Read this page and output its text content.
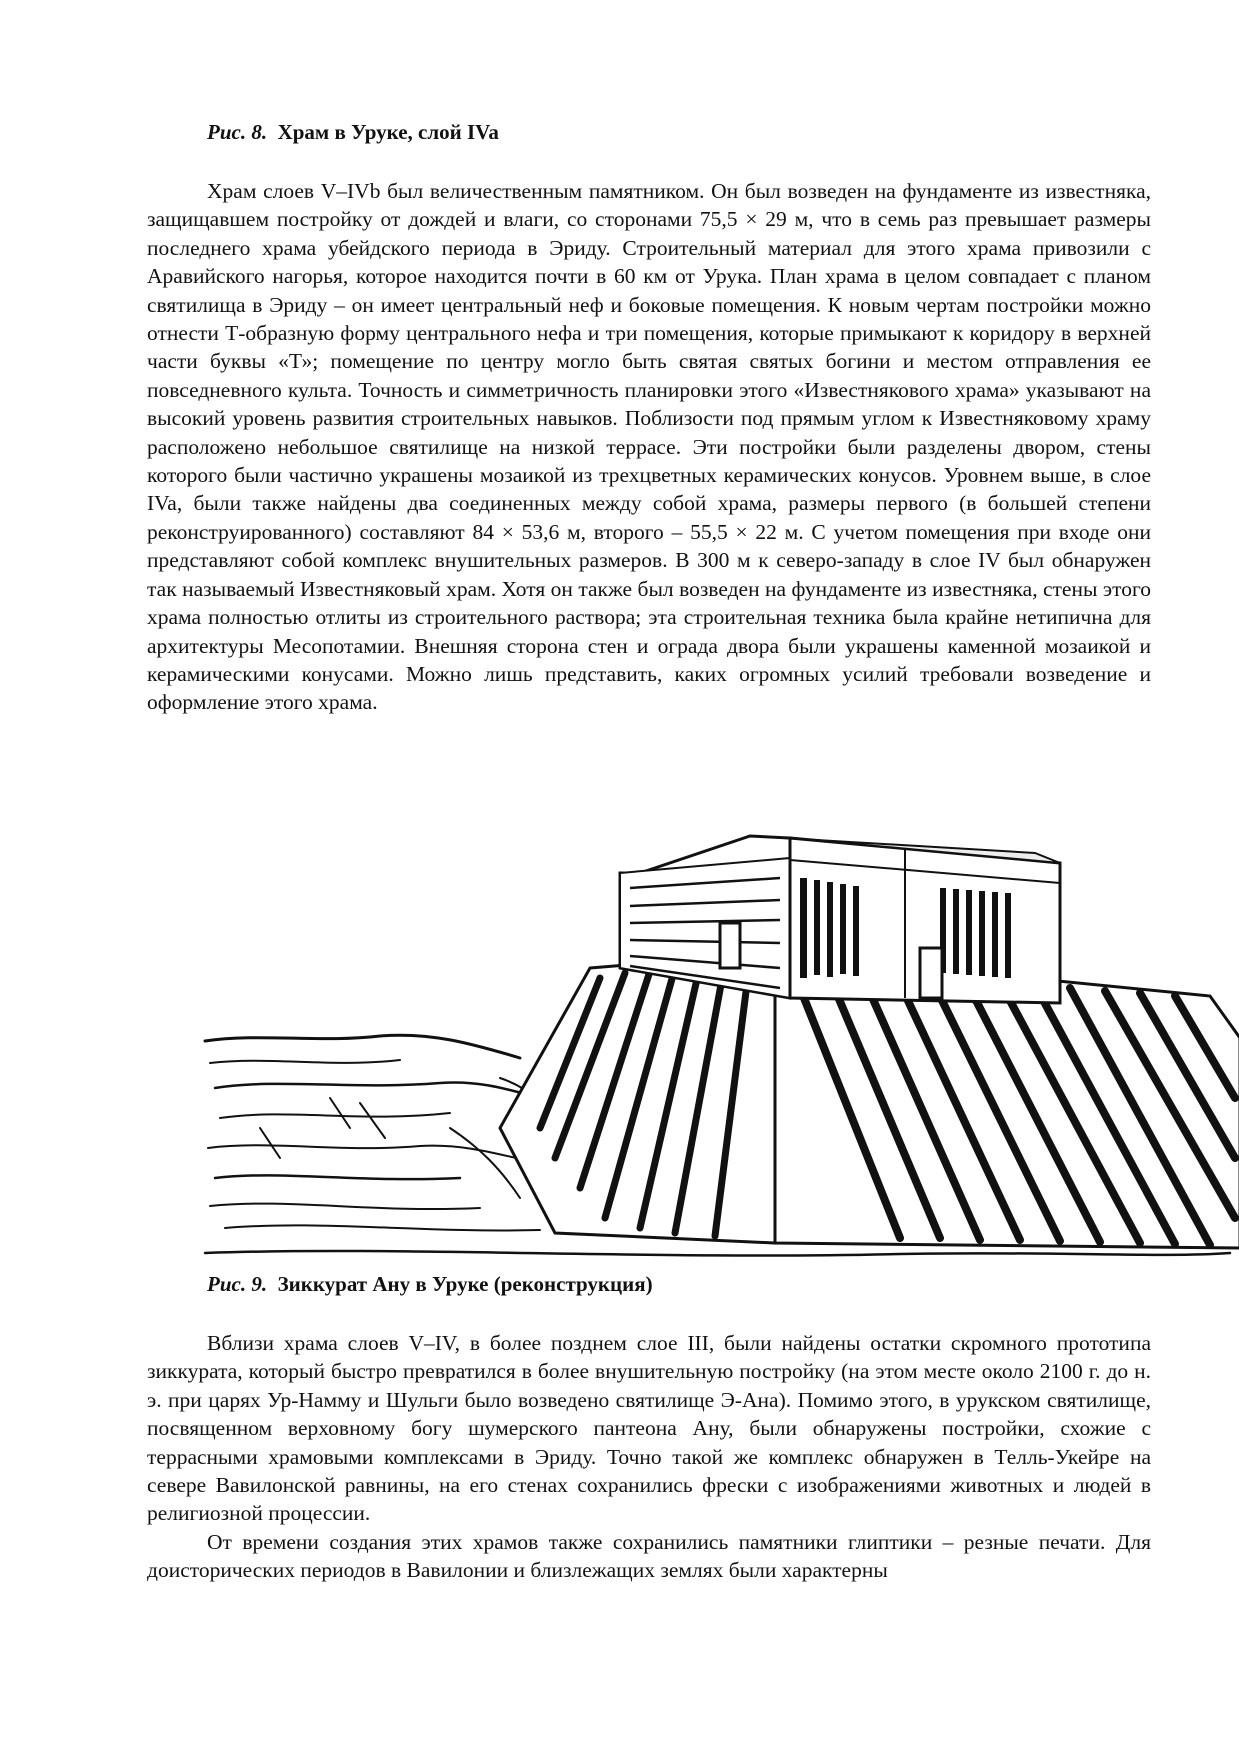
Рис. 8. Храм в Уруке, слой IVa

Храм слоев V–IVb был величественным памятником. Он был возведен на фундаменте из известняка, защищавшем постройку от дождей и влаги, со сторонами 75,5 × 29 м, что в семь раз превышает размеры последнего храма убейдского периода в Эриду. Строительный материал для этого храма привозили с Аравийского нагорья, которое находится почти в 60 км от Урука. План храма в целом совпадает с планом святилища в Эриду – он имеет центральный неф и боковые помещения. К новым чертам постройки можно отнести Т-образную форму центрального нефа и три помещения, которые примыкают к коридору в верхней части буквы «Т»; помещение по центру могло быть святая святых богини и местом отправления ее повседневного культа. Точность и симметричность планировки этого «Известнякового храма» указывают на высокий уровень развития строительных навыков. Поблизости под прямым углом к Известняковому храму расположено небольшое святилище на низкой террасе. Эти постройки были разделены двором, стены которого были частично украшены мозаикой из трехцветных керамических конусов. Уровнем выше, в слое IVa, были также найдены два соединенных между собой храма, размеры первого (в большей степени реконструированного) составляют 84 × 53,6 м, второго – 55,5 × 22 м. С учетом помещения при входе они представляют собой комплекс внушительных размеров. В 300 м к северо-западу в слое IV был обнаружен так называемый Известняковый храм. Хотя он также был возведен на фундаменте из известняка, стены этого храма полностью отлиты из строительного раствора; эта строительная техника была крайне нетипична для архитектуры Месопотамии. Внешняя сторона стен и ограда двора были украшены каменной мозаикой и керамическими конусами. Можно лишь представить, каких огромных усилий требовали возведение и оформление этого храма.

Рис. 9. Зиккурат Ану в Уруке (реконструкция)

Вблизи храма слоев V–IV, в более позднем слое III, были найдены остатки скромного прототипа зиккурата, который быстро превратился в более внушительную постройку (на этом месте около 2100 г. до н. э. при царях Ур-Намму и Шульги было возведено святилище Э-Ана). Помимо этого, в урукском святилище, посвященном верховному богу шумерского пантеона Ану, были обнаружены постройки, схожие с террасными храмовыми комплексами в Эриду. Точно такой же комплекс обнаружен в Телль-Укейре на севере Вавилонской равнины, на его стенах сохранились фрески с изображениями животных и людей в религиозной процессии.

От времени создания этих храмов также сохранились памятники глиптики – резные печати. Для доисторических периодов в Вавилонии и близлежащих землях были характерны
